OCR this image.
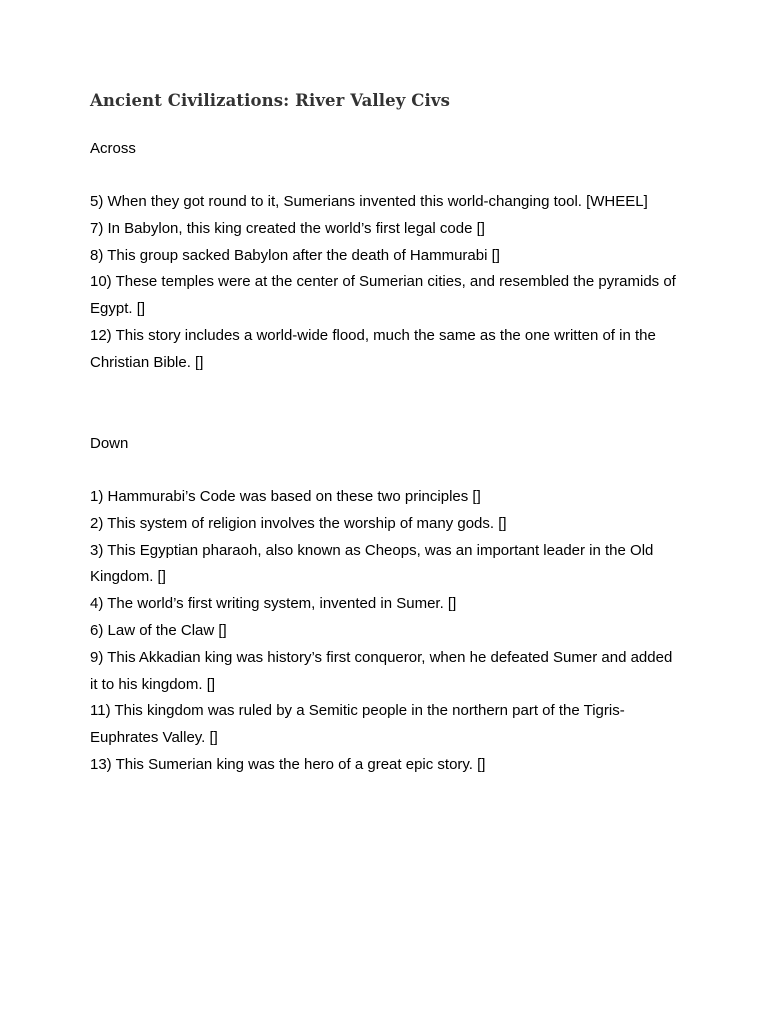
Ancient Civilizations: River Valley Civs
Across
5) When they got round to it, Sumerians invented this world-changing tool. [WHEEL]
7) In Babylon, this king created the world’s first legal code []
8) This group sacked Babylon after the death of Hammurabi []
10) These temples were at the center of Sumerian cities, and resembled the pyramids of Egypt. []
12) This story includes a world-wide flood, much the same as the one written of in the Christian Bible. []
Down
1) Hammurabi’s Code was based on these two principles []
2) This system of religion involves the worship of many gods. []
3) This Egyptian pharaoh, also known as Cheops, was an important leader in the Old Kingdom. []
4) The world’s first writing system, invented in Sumer. []
6) Law of the Claw []
9) This Akkadian king was history’s first conqueror, when he defeated Sumer and added it to his kingdom. []
11) This kingdom was ruled by a Semitic people in the northern part of the Tigris-Euphrates Valley. []
13) This Sumerian king was the hero of a great epic story. []
